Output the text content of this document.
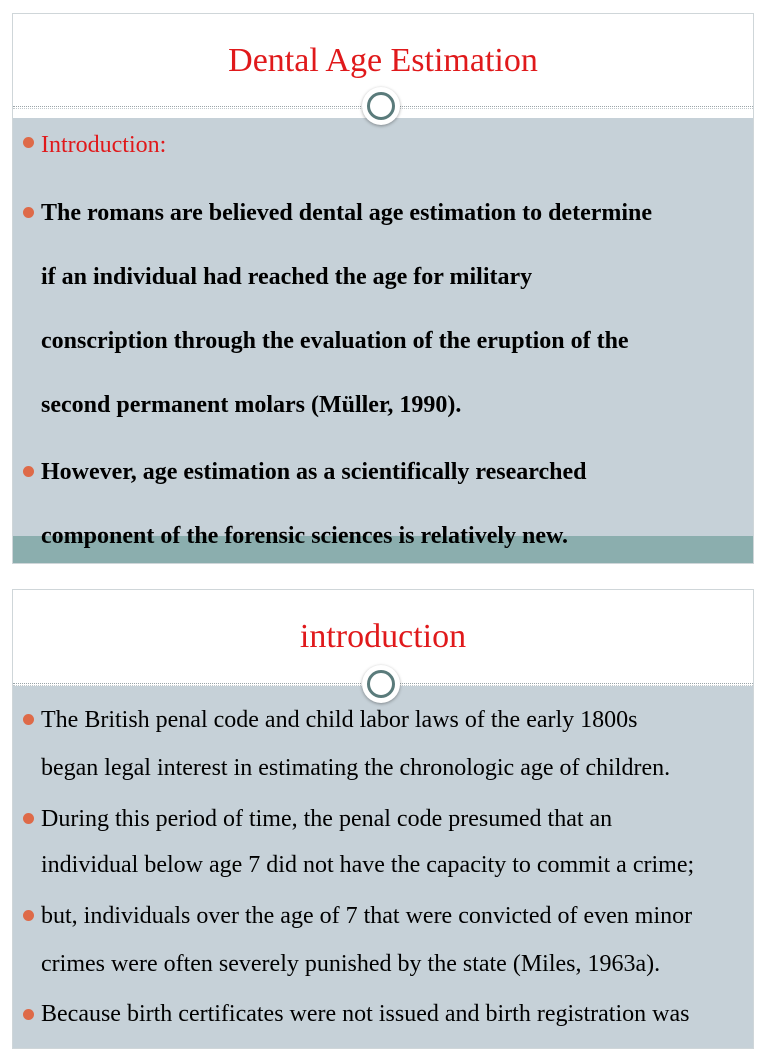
Dental Age Estimation
Introduction:
The romans are believed dental age estimation to determine
if an individual had reached the age for military
conscription through the evaluation of the eruption of the
second permanent molars (Müller, 1990).
However, age estimation as a scientifically researched
component of the forensic sciences is relatively new.
introduction
The British penal code and child labor laws of the early 1800s
began legal interest in estimating the chronologic age of children.
During this period of time, the penal code presumed that an
individual below age 7 did not have the capacity to commit a crime;
but, individuals over the age of 7 that were convicted of even minor
crimes were often severely punished by the state (Miles, 1963a).
Because birth certificates were not issued and birth registration was
